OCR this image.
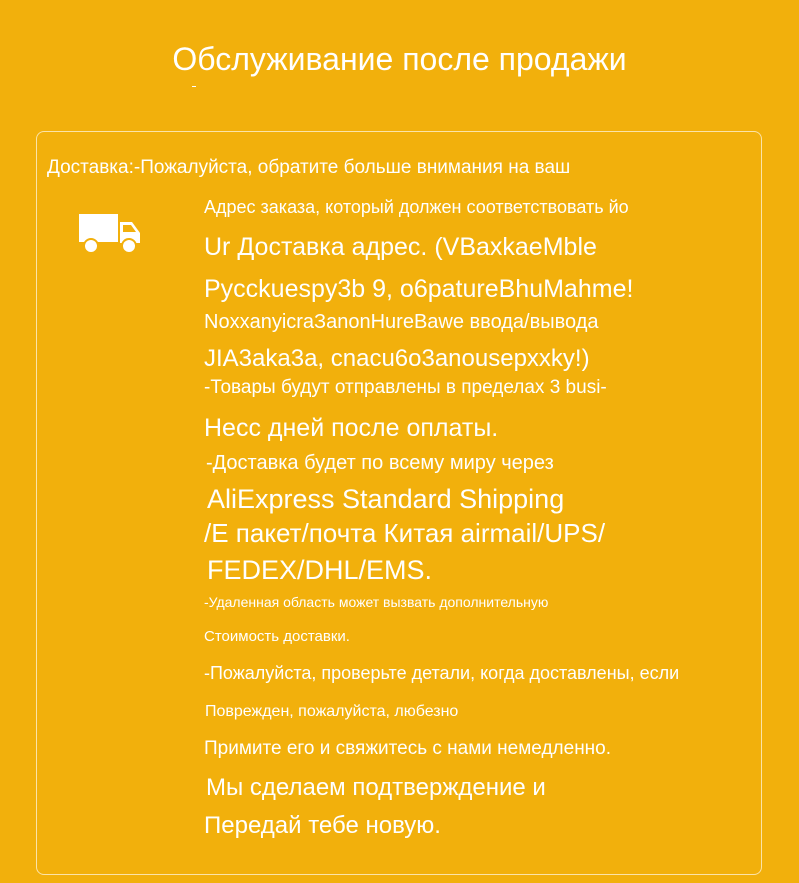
Обслуживание после продажи
Доставка:-Пожалуйста, обратите больше внимания на ваш
Адрес заказа, который должен соответствовать йо
Ur Доставка адрес. (VBaxkaeMble
Pycckuespy3b 9, o6patureBhuMahme!
NoxxanyicraЗanonHureBawe ввода/вывода
JIA3aka3a, cnacu6o3anousepxxky!)
-Товары будут отправлены в пределах 3 busi-
Несс дней после оплаты.
-Доставка будет по всему миру через
AliExpress Standard Shipping
/E пакет/почта Китая airmail/UPS/
FEDEX/DHL/EMS.
-Удаленная область может вызвать дополнительную
Стоимость доставки.
-Пожалуйста, проверьте детали, когда доставлены, если
Поврежден, пожалуйста, любезно
Примите его и свяжитесь с нами немедленно.
Мы сделаем подтверждение и
Передай тебе новую.
